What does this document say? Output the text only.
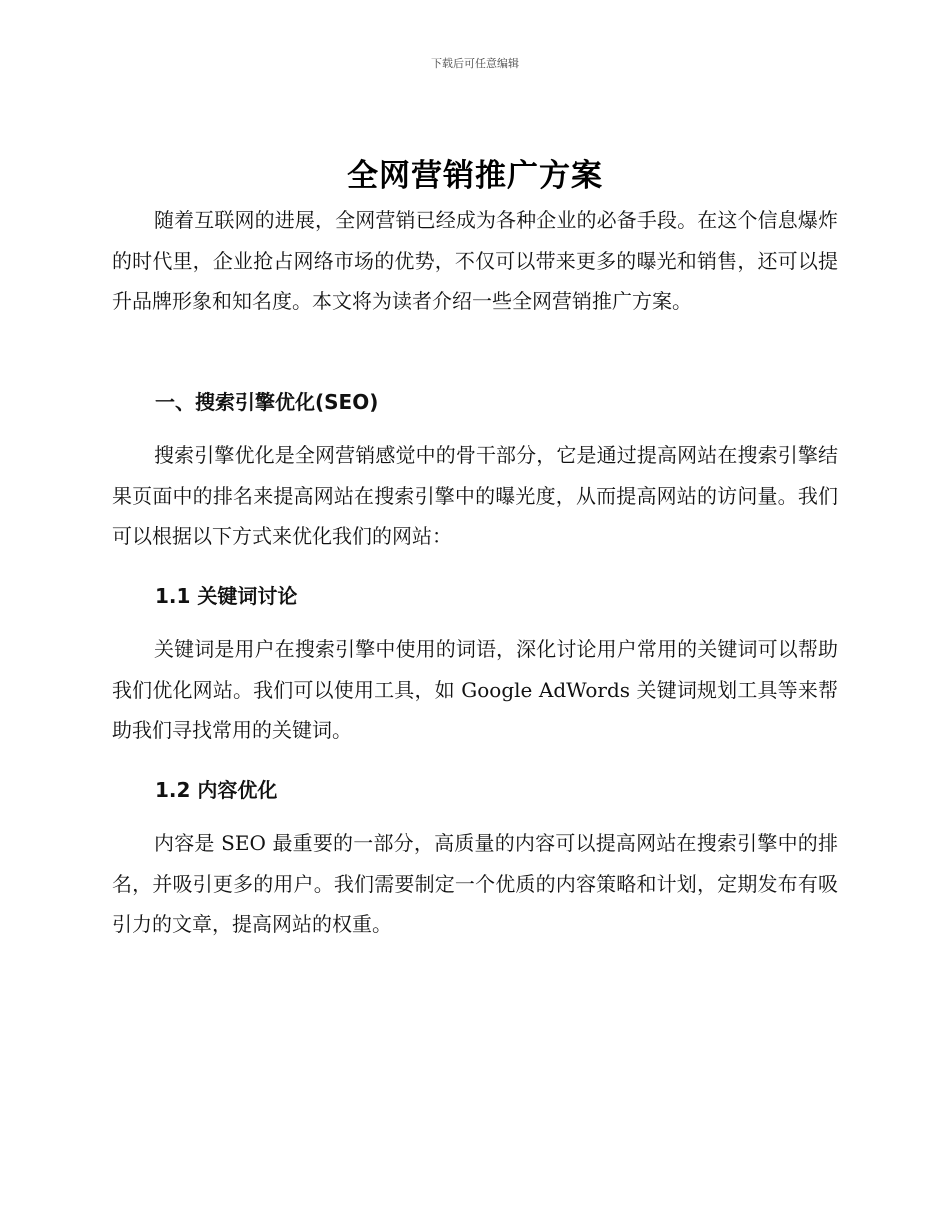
下载后可任意编辑
全网营销推广方案

随着互联网的进展，全网营销已经成为各种企业的必备手段。在这个信息爆炸的时代里，企业抢占网络市场的优势，不仅可以带来更多的曝光和销售，还可以提升品牌形象和知名度。本文将为读者介绍一些全网营销推广方案。

一、搜索引擎优化(SEO)

搜索引擎优化是全网营销感觉中的骨干部分，它是通过提高网站在搜索引擎结果页面中的排名来提高网站在搜索引擎中的曝光度，从而提高网站的访问量。我们可以根据以下方式来优化我们的网站：

1.1 关键词讨论

关键词是用户在搜索引擎中使用的词语，深化讨论用户常用的关键词可以帮助我们优化网站。我们可以使用工具，如 Google AdWords 关键词规划工具等来帮助我们寻找常用的关键词。

1.2 内容优化

内容是 SEO 最重要的一部分，高质量的内容可以提高网站在搜索引擎中的排名，并吸引更多的用户。我们需要制定一个优质的内容策略和计划，定期发布有吸引力的文章，提高网站的权重。
